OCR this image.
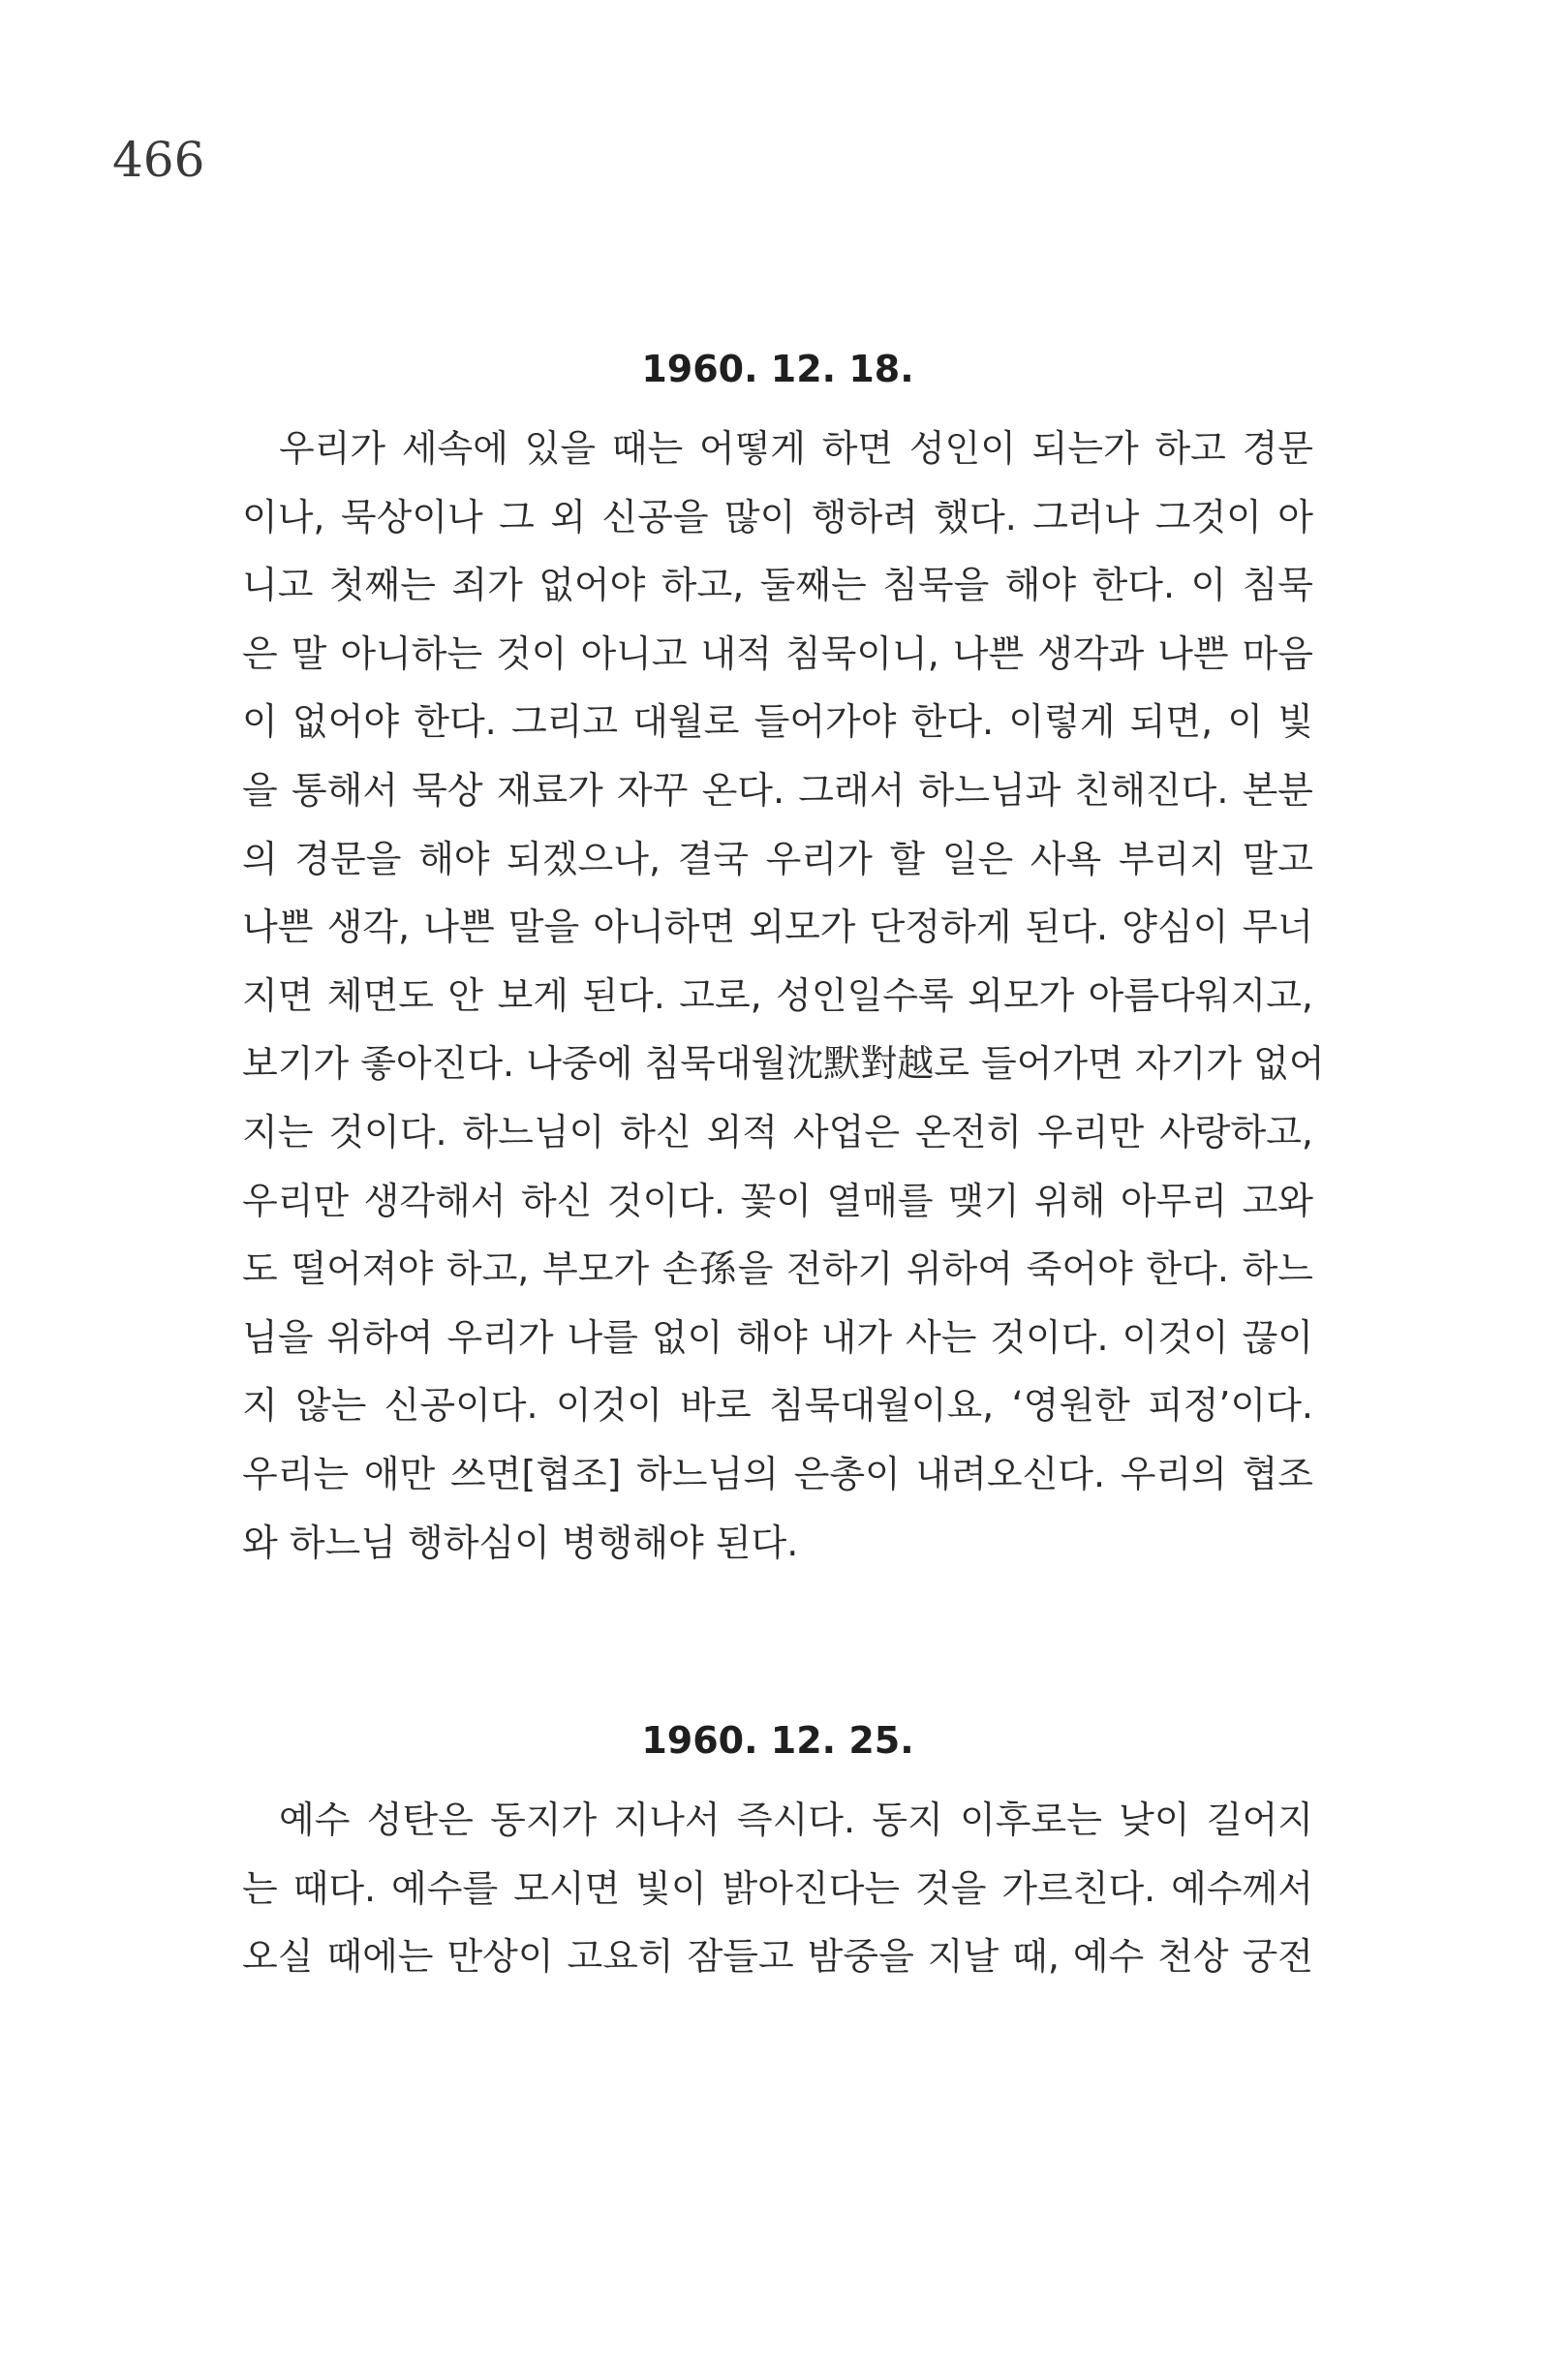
466

1960. 12. 18.
우리가 세속에 있을 때는 어떻게 하면 성인이 되는가 하고 경문
이나, 묵상이나 그 외 신공을 많이 행하려 했다. 그러나 그것이 아
니고 첫째는 죄가 없어야 하고, 둘째는 침묵을 해야 한다. 이 침묵
은 말 아니하는 것이 아니고 내적 침묵이니, 나쁜 생각과 나쁜 마음
이 없어야 한다. 그리고 대월로 들어가야 한다. 이렇게 되면, 이 빛
을 통해서 묵상 재료가 자꾸 온다. 그래서 하느님과 친해진다. 본분
의 경문을 해야 되겠으나, 결국 우리가 할 일은 사욕 부리지 말고
나쁜 생각, 나쁜 말을 아니하면 외모가 단정하게 된다. 양심이 무너
지면 체면도 안 보게 된다. 고로, 성인일수록 외모가 아름다워지고,
보기가 좋아진다. 나중에 침묵대월沈默對越로 들어가면 자기가 없어
지는 것이다. 하느님이 하신 외적 사업은 온전히 우리만 사랑하고,
우리만 생각해서 하신 것이다. 꽃이 열매를 맺기 위해 아무리 고와
도 떨어져야 하고, 부모가 손孫을 전하기 위하여 죽어야 한다. 하느
님을 위하여 우리가 나를 없이 해야 내가 사는 것이다. 이것이 끊이
지 않는 신공이다. 이것이 바로 침묵대월이요, ‘영원한 피정’이다.
우리는 애만 쓰면[협조] 하느님의 은총이 내려오신다. 우리의 협조
와 하느님 행하심이 병행해야 된다.
1960. 12. 25.
예수 성탄은 동지가 지나서 즉시다. 동지 이후로는 낮이 길어지
는 때다. 예수를 모시면 빛이 밝아진다는 것을 가르친다. 예수께서
오실 때에는 만상이 고요히 잠들고 밤중을 지날 때, 예수 천상 궁전
